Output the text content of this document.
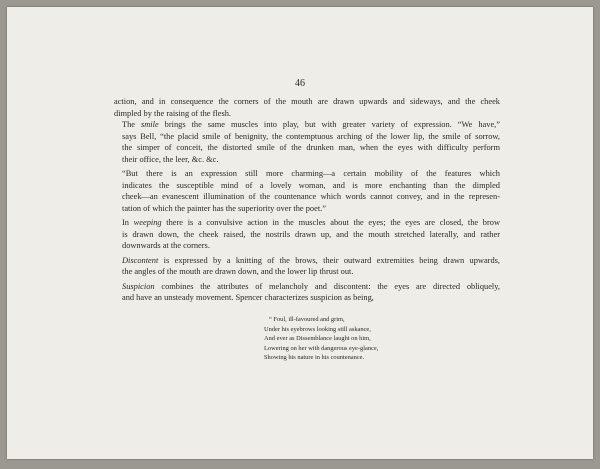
46

action, and in consequence the corners of the mouth are drawn upwards and sideways, and the cheek
dimpled by the raising of the flesh.

The smile brings the same muscles into play, but with greater variety of expression. “We have,”
says Bell, “the placid smile of benignity, the contemptuous arching of the lower lip, the smile of sorrow,
the simper of conceit, the distorted smile of the drunken man, when the eyes with difficulty perform
their office, the leer, &c. &c.

“But there is an expression still more charming—a certain mobility of the features which
indicates the susceptible mind of a lovely woman, and is more enchanting than the dimpled
cheek—an evanescent illumination of the countenance which words cannot convey, and in the represen-
tation of which the painter has the superiority over the poet.”

In weeping there is a convulsive action in the muscles about the eyes; the eyes are closed, the brow
is drawn down, the cheek raised, the nostrils drawn up, and the mouth stretched laterally, and rather
downwards at the corners.

Discontent is expressed by a knitting of the brows, their outward extremities being drawn upwards,
the angles of the mouth are drawn down, and the lower lip thrust out.

Suspicion combines the attributes of melancholy and discontent: the eyes are directed obliquely,
and have an unsteady movement. Spencer characterizes suspicion as being,

“ Foul, ill-favoured and grim,
Under his eyebrows looking still askance,
And ever as Dissemblance laught on him,
Lowering on her with dangerous eye-glance,
Showing his nature in his countenance.
